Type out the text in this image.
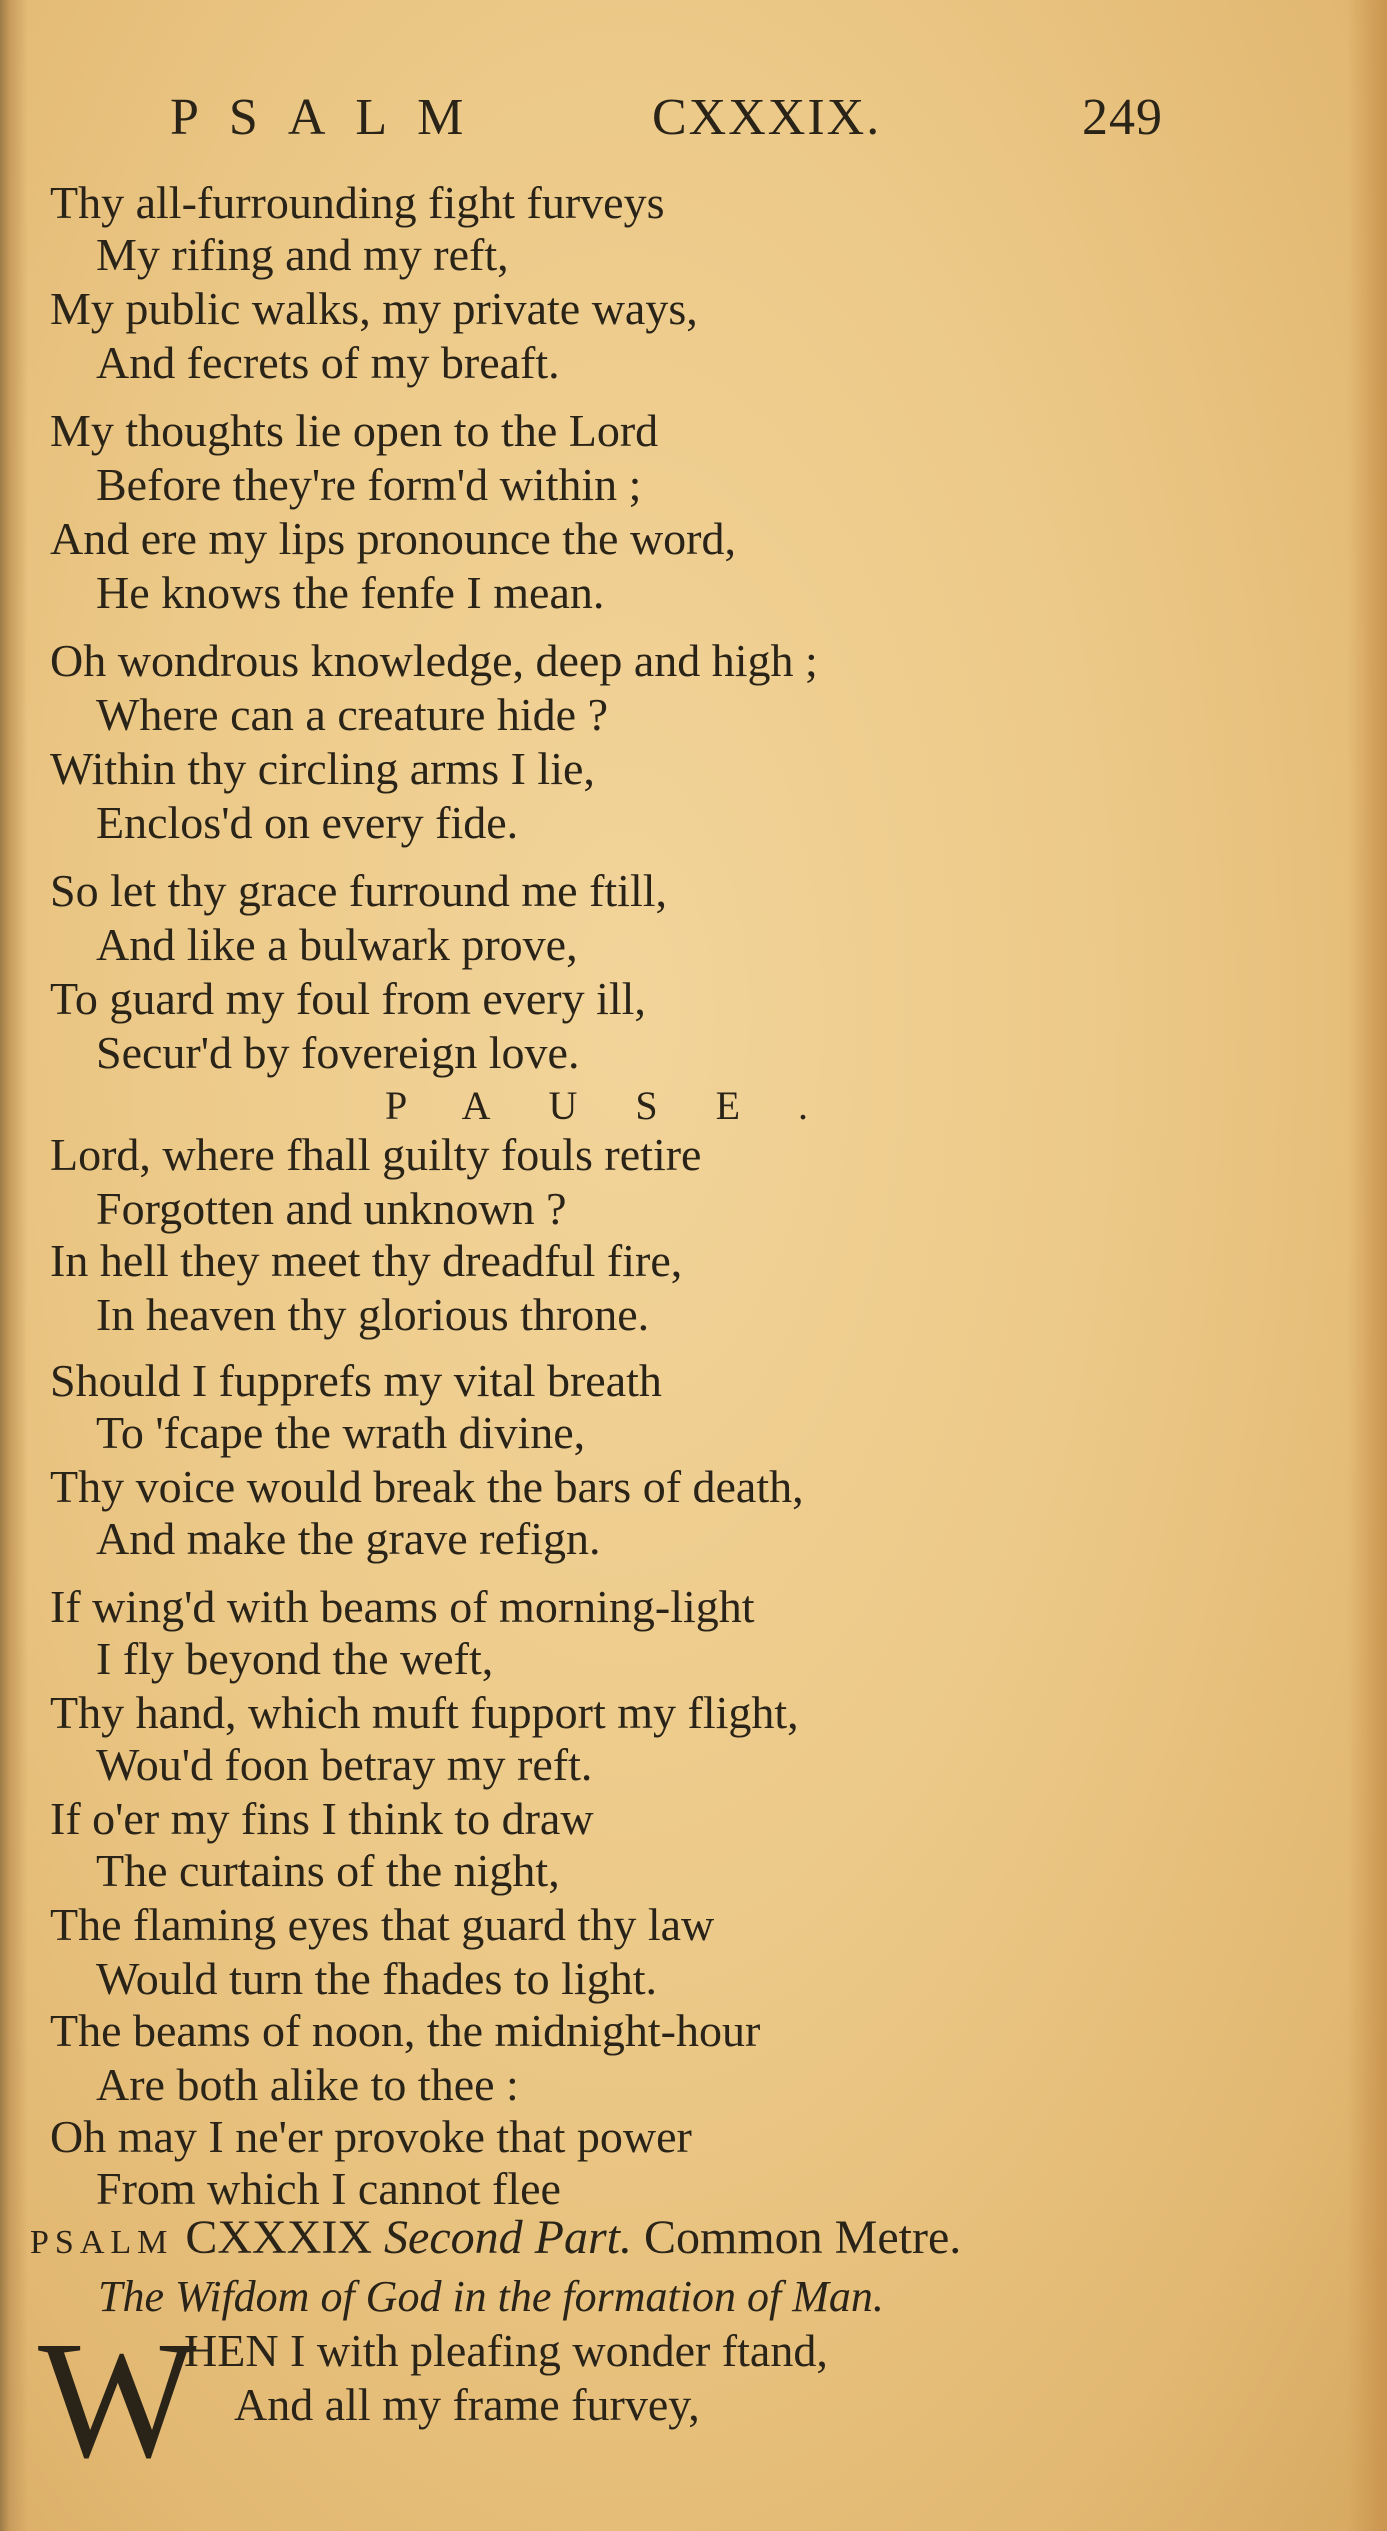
PSALM	CXXXIX.	249
Thy all-furrounding fight furveys
My rifing and my reft,
My public walks, my private ways,
And fecrets of my breaft.
My thoughts lie open to the Lord
Before they're form'd within ;
And ere my lips pronounce the word,
He knows the fenfe I mean.
Oh wondrous knowledge, deep and high ;
Where can a creature hide ?
Within thy circling arms I lie,
Enclos'd on every fide.
So let thy grace furround me ftill,
And like a bulwark prove,
To guard my foul from every ill,
Secur'd by fovereign love.
PAUSE.
Lord, where fhall guilty fouls retire
Forgotten and unknown ?
In hell they meet thy dreadful fire,
In heaven thy glorious throne.
Should I fupprefs my vital breath
To 'fcape the wrath divine,
Thy voice would break the bars of death,
And make the grave refign.
If wing'd with beams of morning-light
I fly beyond the weft,
Thy hand, which muft fupport my flight,
Wou'd foon betray my reft.
If o'er my fins I think to draw
The curtains of the night,
The flaming eyes that guard thy law
Would turn the fhades to light.
The beams of noon, the midnight-hour
Are both alike to thee :
Oh may I ne'er provoke that power
From which I cannot flee
PSALM CXXXIX Second Part. Common Metre.
The Wifdom of God in the formation of Man.
W
HEN I with pleafing wonder ftand,
And all my frame furvey,
